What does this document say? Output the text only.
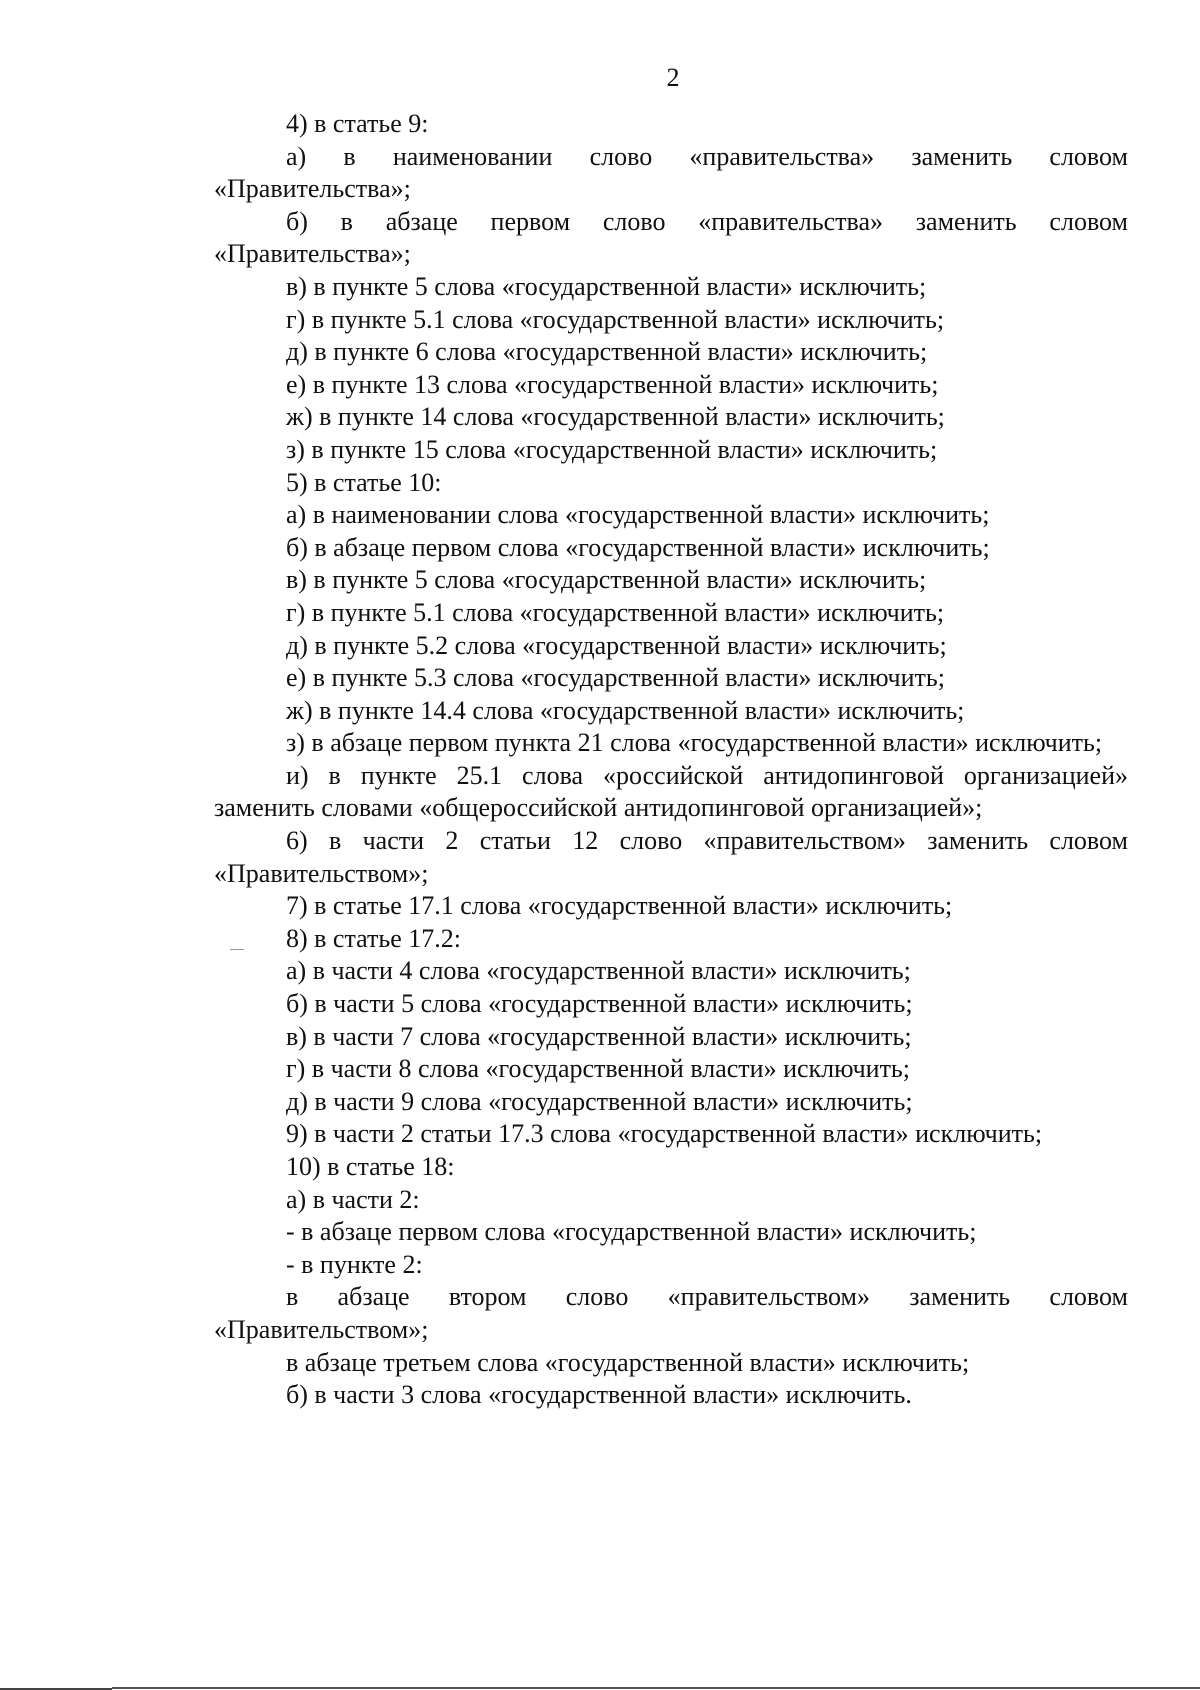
2

4) в статье 9:

а) в наименовании слово «правительства» заменить словом «Правительства»;

б) в абзаце первом слово «правительства» заменить словом «Правительства»;

в) в пункте 5 слова «государственной власти» исключить;

г) в пункте 5.1 слова «государственной власти» исключить;

д) в пункте 6 слова «государственной власти» исключить;

е) в пункте 13 слова «государственной власти» исключить;

ж) в пункте 14 слова «государственной власти» исключить;

з) в пункте 15 слова «государственной власти» исключить;

5) в статье 10:

а) в наименовании слова «государственной власти» исключить;

б) в абзаце первом слова «государственной власти» исключить;

в) в пункте 5 слова «государственной власти» исключить;

г) в пункте 5.1 слова «государственной власти» исключить;

д) в пункте 5.2 слова «государственной власти» исключить;

е) в пункте 5.3 слова «государственной власти» исключить;

ж) в пункте 14.4 слова «государственной власти» исключить;

з) в абзаце первом пункта 21 слова «государственной власти» исключить;

и) в пункте 25.1 слова «российской антидопинговой организацией» заменить словами «общероссийской антидопинговой организацией»;

6) в части 2 статьи 12 слово «правительством» заменить словом «Правительством»;

7) в статье 17.1 слова «государственной власти» исключить;

8) в статье 17.2:

а) в части 4 слова «государственной власти» исключить;

б) в части 5 слова «государственной власти» исключить;

в) в части 7 слова «государственной власти» исключить;

г) в части 8 слова «государственной власти» исключить;

д) в части 9 слова «государственной власти» исключить;

9) в части 2 статьи 17.3 слова «государственной власти» исключить;

10) в статье 18:

а) в части 2:

- в абзаце первом слова «государственной власти» исключить;

- в пункте 2:

в абзаце втором слово «правительством» заменить словом «Правительством»;

в абзаце третьем слова «государственной власти» исключить;

б) в части 3 слова «государственной власти» исключить.
